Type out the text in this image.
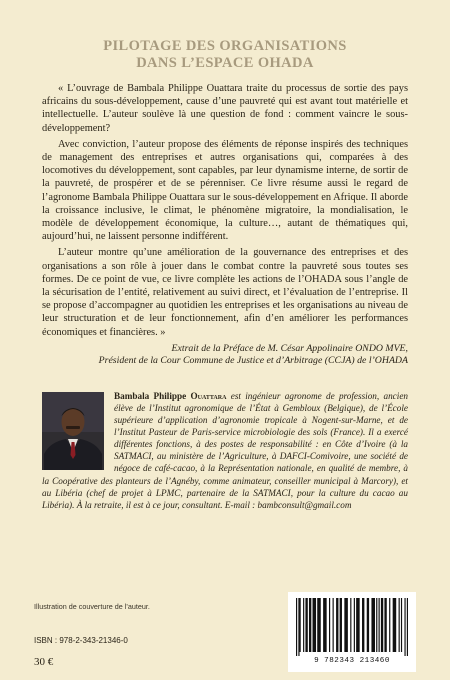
PILOTAGE DES ORGANISATIONS
DANS L’ESPACE OHADA

« L’ouvrage de Bambala Philippe Ouattara traite du processus de sortie des pays africains du sous-développement, cause d’une pauvreté qui est avant tout matérielle et intellectuelle. L’auteur soulève là une question de fond : comment vaincre le sous-développement?

Avec conviction, l’auteur propose des éléments de réponse inspirés des techniques de management des entreprises et autres organisations qui, comparées à des locomotives du développement, sont capables, par leur dynamisme interne, de sortir de la pauvreté, de prospérer et de se pérenniser. Ce livre résume aussi le regard de l’agronome Bambala Philippe Ouattara sur le sous-développement en Afrique. Il aborde la croissance inclusive, le climat, le phénomène migratoire, la mondialisation, le modèle de développement économique, la culture…, autant de thématiques qui, aujourd’hui, ne laissent personne indifférent.

L’auteur montre qu’une amélioration de la gouvernance des entreprises et des organisations a son rôle à jouer dans le combat contre la pauvreté sous toutes ses formes. De ce point de vue, ce livre complète les actions de l’OHADA sous l’angle de la sécurisation de l’entité, relativement au suivi direct, et l’évaluation de l’entreprise. Il se propose d’accompagner au quotidien les entreprises et les organisations au niveau de leur structuration et de leur fonctionnement, afin d’en améliorer les performances économiques et financières. »

Extrait de la Préface de M. César Appolinaire ONDO MVE,
Président de la Cour Commune de Justice et d’Arbitrage (CCJA) de l’OHADA

Bambala Philippe Ouattara est ingénieur agronome de profession, ancien élève de l’Institut agronomique de l’État à Gembloux (Belgique), de l’École supérieure d’application d’agronomie tropicale à Nogent-sur-Marne, et de l’Institut Pasteur de Paris-service microbiologie des sols (France). Il a exercé différentes fonctions, à des postes de responsabilité : en Côte d’Ivoire (à la SATMACI, au ministère de l’Agriculture, à DAFCI-Comivoire, une société de négoce de café-cacao, à la Représentation nationale, en qualité de membre, à la Coopérative des planteurs de l’Agnéby, comme animateur, conseiller municipal à Marcory), et au Libéria (chef de projet à LPMC, partenaire de la SATMACI, pour la culture du cacao au Libéria). À la retraite, il est à ce jour, consultant. E-mail : bambconsult@gmail.com

Illustration de couverture de l’auteur.
ISBN : 978-2-343-21346-0
30 €	9 782343 213460
